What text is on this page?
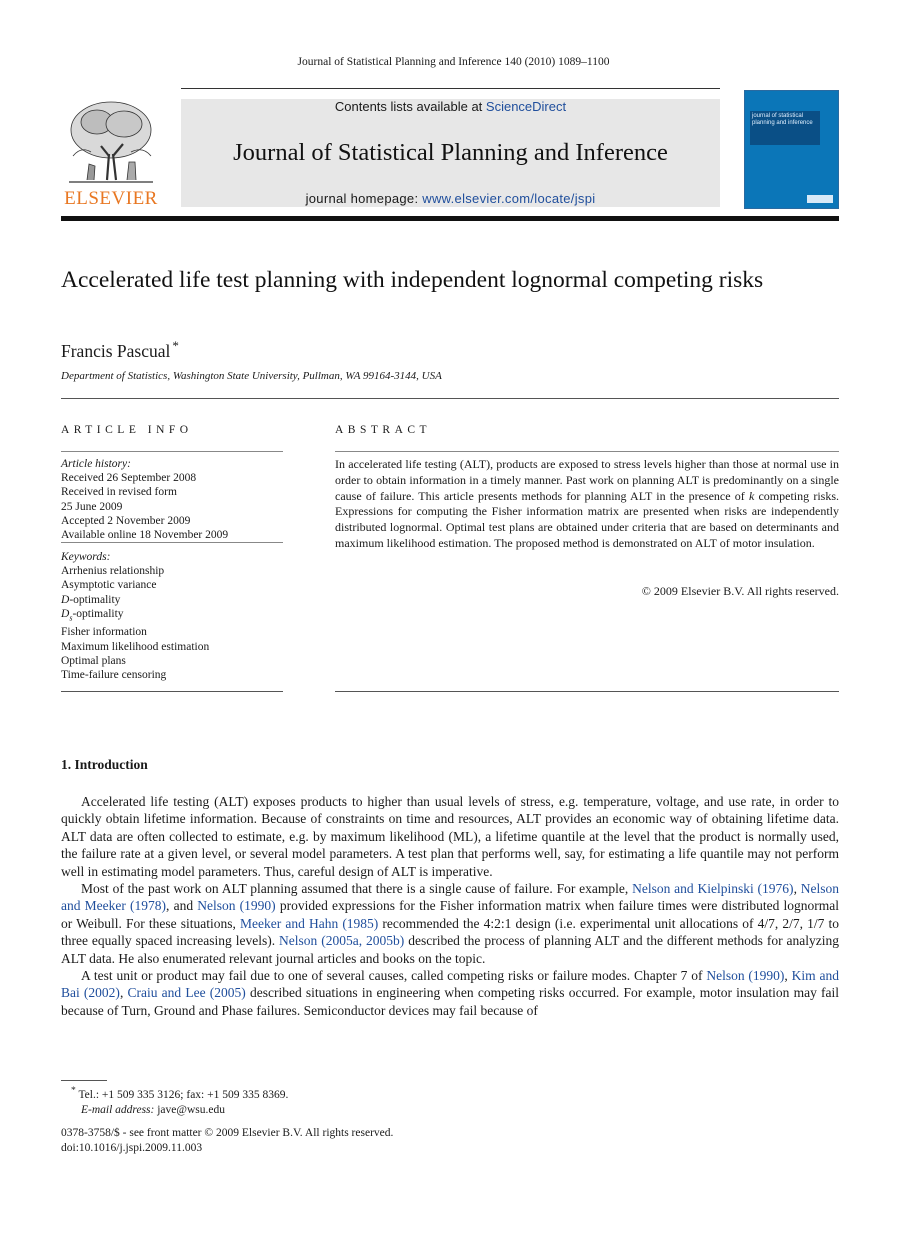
Journal of Statistical Planning and Inference 140 (2010) 1089–1100
ELSEVIER
Contents lists available at ScienceDirect
Journal of Statistical Planning and Inference
journal homepage: www.elsevier.com/locate/jspi
journal of statistical planning and inference
Accelerated life test planning with independent lognormal competing risks
Francis Pascual *
Department of Statistics, Washington State University, Pullman, WA 99164-3144, USA
ARTICLE INFO
Article history:
Received 26 September 2008
Received in revised form
25 June 2009
Accepted 2 November 2009
Available online 18 November 2009
Keywords:
Arrhenius relationship
Asymptotic variance
D-optimality
$D_s$-optimality
Fisher information
Maximum likelihood estimation
Optimal plans
Time-failure censoring
ABSTRACT
In accelerated life testing (ALT), products are exposed to stress levels higher than those at normal use in order to obtain information in a timely manner. Past work on planning ALT is predominantly on a single cause of failure. This article presents methods for planning ALT in the presence of k competing risks. Expressions for computing the Fisher information matrix are presented when risks are independently distributed lognormal. Optimal test plans are obtained under criteria that are based on determinants and maximum likelihood estimation. The proposed method is demonstrated on ALT of motor insulation.
© 2009 Elsevier B.V. All rights reserved.
1. Introduction

Accelerated life testing (ALT) exposes products to higher than usual levels of stress, e.g. temperature, voltage, and use rate, in order to quickly obtain lifetime information. Because of constraints on time and resources, ALT provides an economic way of obtaining lifetime data. ALT data are often collected to estimate, e.g. by maximum likelihood (ML), a lifetime quantile at the level that the product is normally used, the failure rate at a given level, or several model parameters. A test plan that performs well, say, for estimating a life quantile may not perform well in estimating model parameters. Thus, careful design of ALT is imperative.

Most of the past work on ALT planning assumed that there is a single cause of failure. For example, Nelson and Kielpinski (1976), Nelson and Meeker (1978), and Nelson (1990) provided expressions for the Fisher information matrix when failure times were distributed lognormal or Weibull. For these situations, Meeker and Hahn (1985) recommended the 4:2:1 design (i.e. experimental unit allocations of 4/7, 2/7, 1/7 to three equally spaced increasing levels). Nelson (2005a, 2005b) described the process of planning ALT and the different methods for analyzing ALT data. He also enumerated relevant journal articles and books on the topic.

A test unit or product may fail due to one of several causes, called competing risks or failure modes. Chapter 7 of Nelson (1990), Kim and Bai (2002), Craiu and Lee (2005) described situations in engineering when competing risks occurred. For example, motor insulation may fail because of Turn, Ground and Phase failures. Semiconductor devices may fail because of

* Tel.: +1 509 335 3126; fax: +1 509 335 8369.
E-mail address: jave@wsu.edu
0378-3758/$ - see front matter © 2009 Elsevier B.V. All rights reserved.
doi:10.1016/j.jspi.2009.11.003
